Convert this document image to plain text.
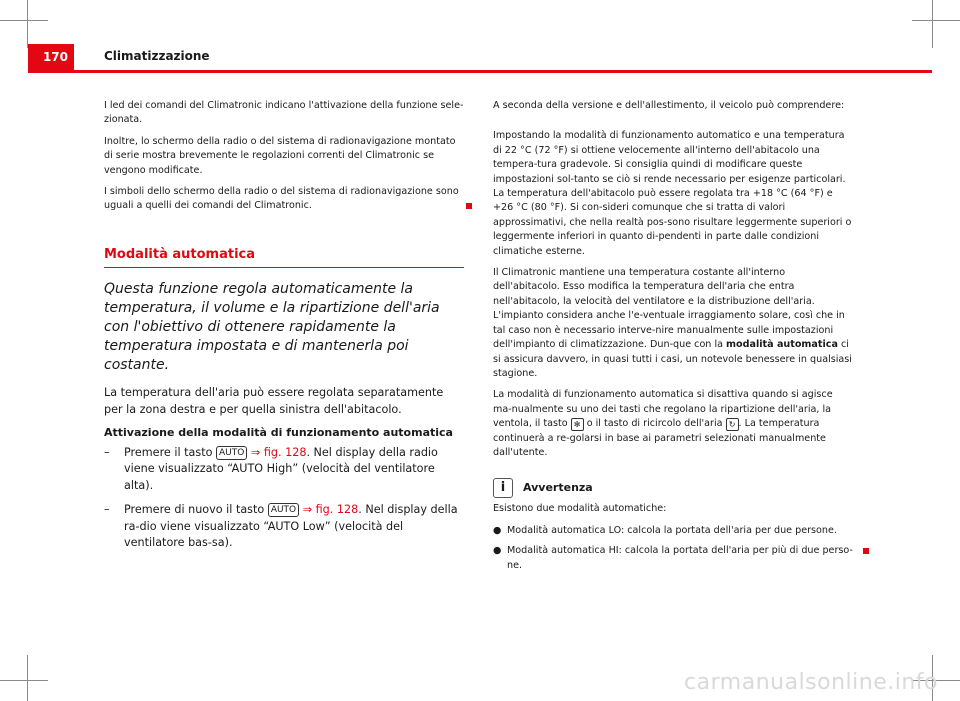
170	Climatizzazione

I led dei comandi del Climatronic indicano l'attivazione della funzione sele-zionata.

Inoltre, lo schermo della radio o del sistema di radionavigazione montato di serie mostra brevemente le regolazioni correnti del Climatronic se vengono modificate.

I simboli dello schermo della radio o del sistema di radionavigazione sono uguali a quelli dei comandi del Climatronic.

Modalità automatica
Questa funzione regola automaticamente la temperatura, il volume e la ripartizione dell'aria con l'obiettivo di ottenere rapidamente la temperatura impostata e di mantenerla poi costante.

La temperatura dell'aria può essere regolata separatamente per la zona destra e per quella sinistra dell'abitacolo.

Attivazione della modalità di funzionamento automatica
–	Premere il tasto AUTO ⇒ fig. 128. Nel display della radio viene visualizzato “AUTO High” (velocità del ventilatore alta).
–	Premere di nuovo il tasto AUTO ⇒ fig. 128. Nel display della ra-dio viene visualizzato “AUTO Low” (velocità del ventilatore bas-sa).

A seconda della versione e dell'allestimento, il veicolo può comprendere:

Impostando la modalità di funzionamento automatico e una temperatura di 22 °C (72 °F) si ottiene velocemente all'interno dell'abitacolo una tempera-tura gradevole. Si consiglia quindi di modificare queste impostazioni sol-tanto se ciò si rende necessario per esigenze particolari. La temperatura dell'abitacolo può essere regolata tra +18 °C (64 °F) e +26 °C (80 °F). Si con-sideri comunque che si tratta di valori approssimativi, che nella realtà pos-sono risultare leggermente superiori o leggermente inferiori in quanto di-pendenti in parte dalle condizioni climatiche esterne.

Il Climatronic mantiene una temperatura costante all'interno dell'abitacolo. Esso modifica la temperatura dell'aria che entra nell'abitacolo, la velocità del ventilatore e la distribuzione dell'aria. L'impianto considera anche l'e-ventuale irraggiamento solare, così che in tal caso non è necessario interve-nire manualmente sulle impostazioni dell'impianto di climatizzazione. Dun-que con la modalità automatica ci si assicura davvero, in quasi tutti i casi, un notevole benessere in qualsiasi stagione.

La modalità di funzionamento automatica si disattiva quando si agisce ma-nualmente su uno dei tasti che regolano la ripartizione dell'aria, la ventola, il tasto ✻ o il tasto di ricircolo dell'aria ↻ . La temperatura continuerà a re-golarsi in base ai parametri selezionati manualmente dall'utente.

i	Avvertenza

Esistono due modalità automatiche:

● Modalità automatica LO: calcola la portata dell'aria per due persone.
● Modalità automatica HI: calcola la portata dell'aria per più di due perso-ne.
carmanualsonline.info
